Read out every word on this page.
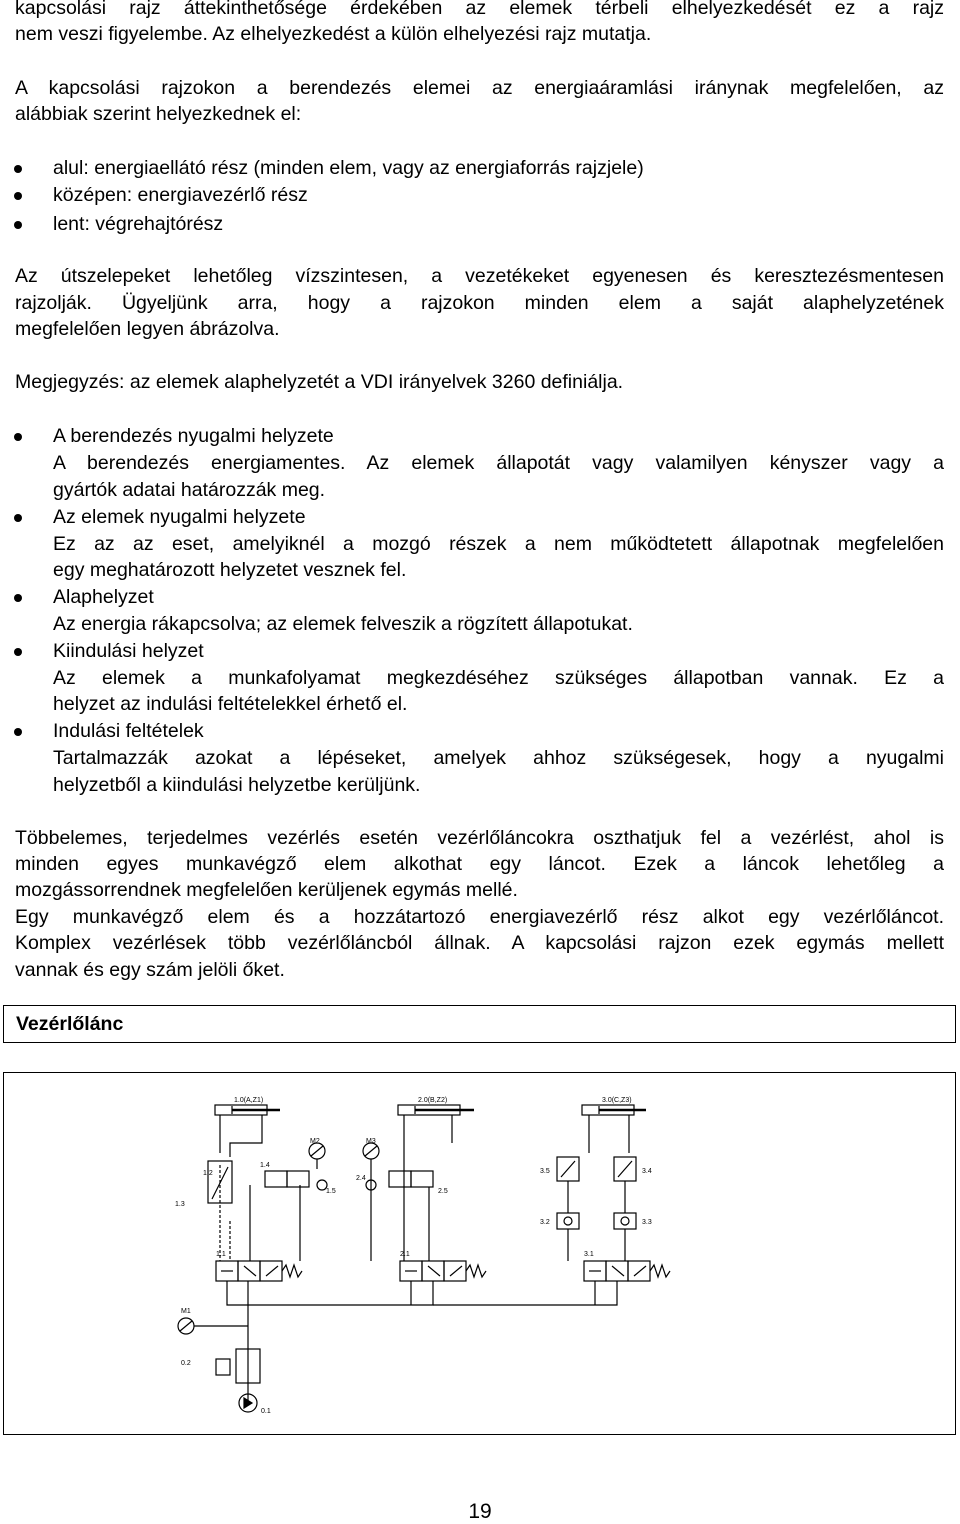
kapcsolási rajz áttekinthetősége érdekében az elemek térbeli elhelyezkedését ez a rajz
nem veszi figyelembe. Az elhelyezkedést a külön elhelyezési rajz mutatja.
A kapcsolási rajzokon a berendezés elemei az energiaáramlási iránynak megfelelően, az
alábbiak szerint helyezkednek el:
alul: energiaellátó rész (minden elem, vagy az energiaforrás rajzjele)
középen: energiavezérlő rész
lent: végrehajtórész
Az útszelepeket lehetőleg vízszintesen, a vezetékeket egyenesen és keresztezésmentesen
rajzolják. Ügyeljünk arra, hogy a rajzokon minden elem a saját alaphelyzetének
megfelelően legyen ábrázolva.
Megjegyzés: az elemek alaphelyzetét a VDI irányelvek 3260 definiálja.
A berendezés nyugalmi helyzete
A berendezés energiamentes. Az elemek állapotát vagy valamilyen kényszer vagy a
gyártók adatai határozzák meg.
Az elemek nyugalmi helyzete
Ez az az eset, amelyiknél a mozgó részek a nem működtetett állapotnak megfelelően
egy meghatározott helyzetet vesznek fel.
Alaphelyzet
Az energia rákapcsolva; az elemek felveszik a rögzített állapotukat.
Kiindulási helyzet
Az elemek a munkafolyamat megkezdéséhez szükséges állapotban vannak. Ez a
helyzet az indulási feltételekkel érhető el.
Indulási feltételek
Tartalmazzák azokat a lépéseket, amelyek ahhoz szükségesek, hogy a nyugalmi
helyzetből a kiindulási helyzetbe kerüljünk.
Többelemes, terjedelmes vezérlés esetén vezérlőláncokra oszthatjuk fel a vezérlést, ahol is
minden egyes munkavégző elem alkothat egy láncot. Ezek a láncok lehetőleg a
mozgássorrendnek megfelelően kerüljenek egymás mellé.
Egy munkavégző elem és a hozzátartozó energiavezérlő rész alkot egy vezérlőláncot.
Komplex vezérlések több vezérlőláncból állnak. A kapcsolási rajzon ezek egymás mellett
vannak és egy szám jelöli őket.
Vezérlőlánc
1.0(A,Z1)	2.0(B,Z2)	3.0(C,Z3)
M2	M3
1.2
1.3
1.4
1.5
2.4
2.5
3.5	3.4
3.2	3.3
1.1	2.1	3.1
M1
0.2
0.1
19
